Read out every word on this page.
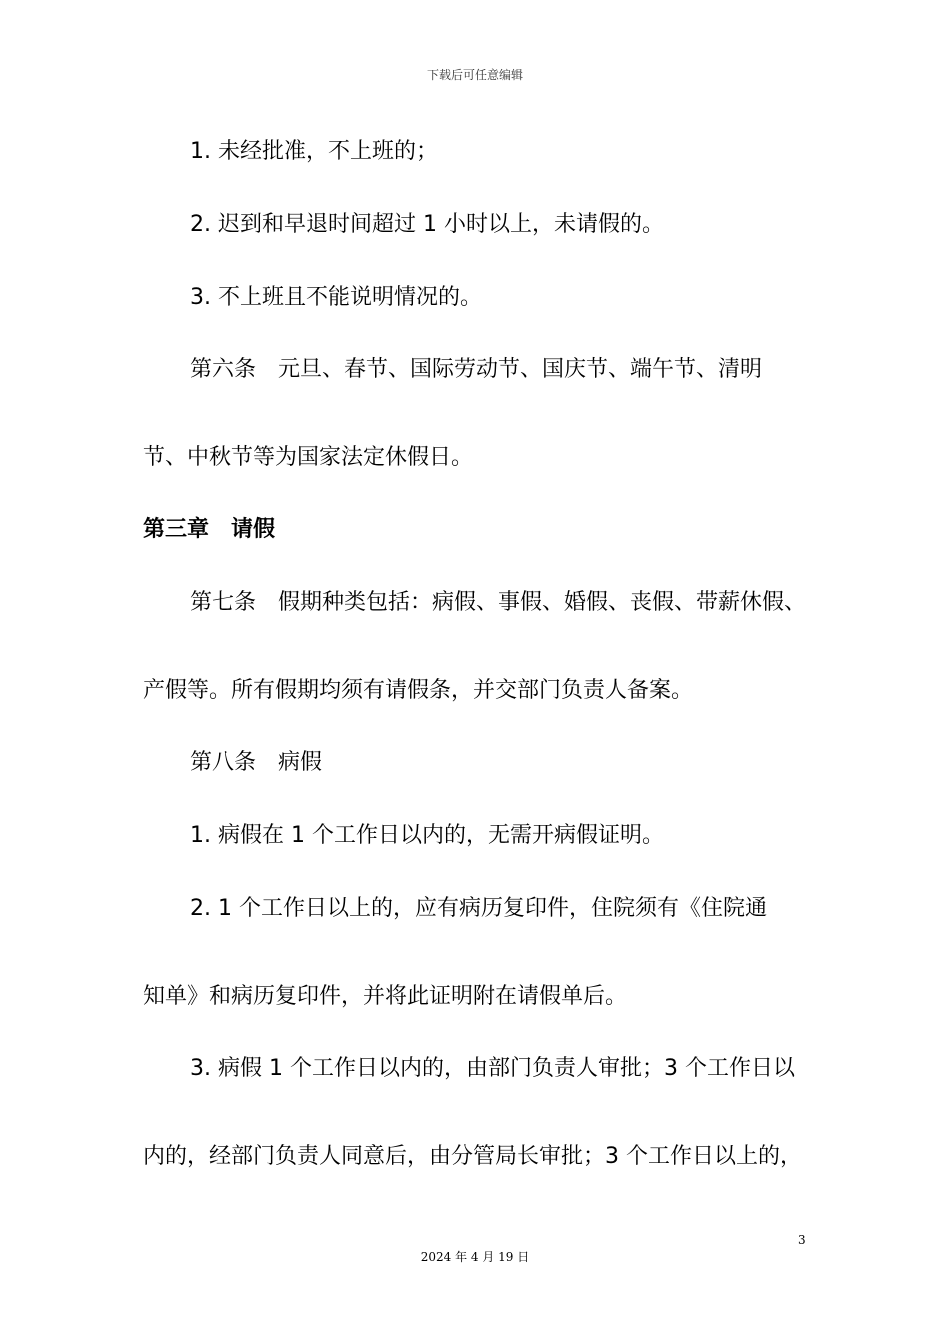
下载后可任意编辑
1. 未经批准，不上班的；
2. 迟到和早退时间超过 1 小时以上，未请假的。
3. 不上班且不能说明情况的。
第六条　元旦、春节、国际劳动节、国庆节、端午节、清明
节、中秋节等为国家法定休假日。
第三章　请假
第七条　假期种类包括：病假、事假、婚假、丧假、带薪休假、
产假等。所有假期均须有请假条，并交部门负责人备案。
第八条　病假
1. 病假在 1 个工作日以内的，无需开病假证明。
2. 1 个工作日以上的，应有病历复印件，住院须有《住院通
知单》和病历复印件，并将此证明附在请假单后。
3. 病假 1 个工作日以内的，由部门负责人审批；3 个工作日以
内的，经部门负责人同意后，由分管局长审批；3 个工作日以上的，
3
2024 年 4 月 19 日
